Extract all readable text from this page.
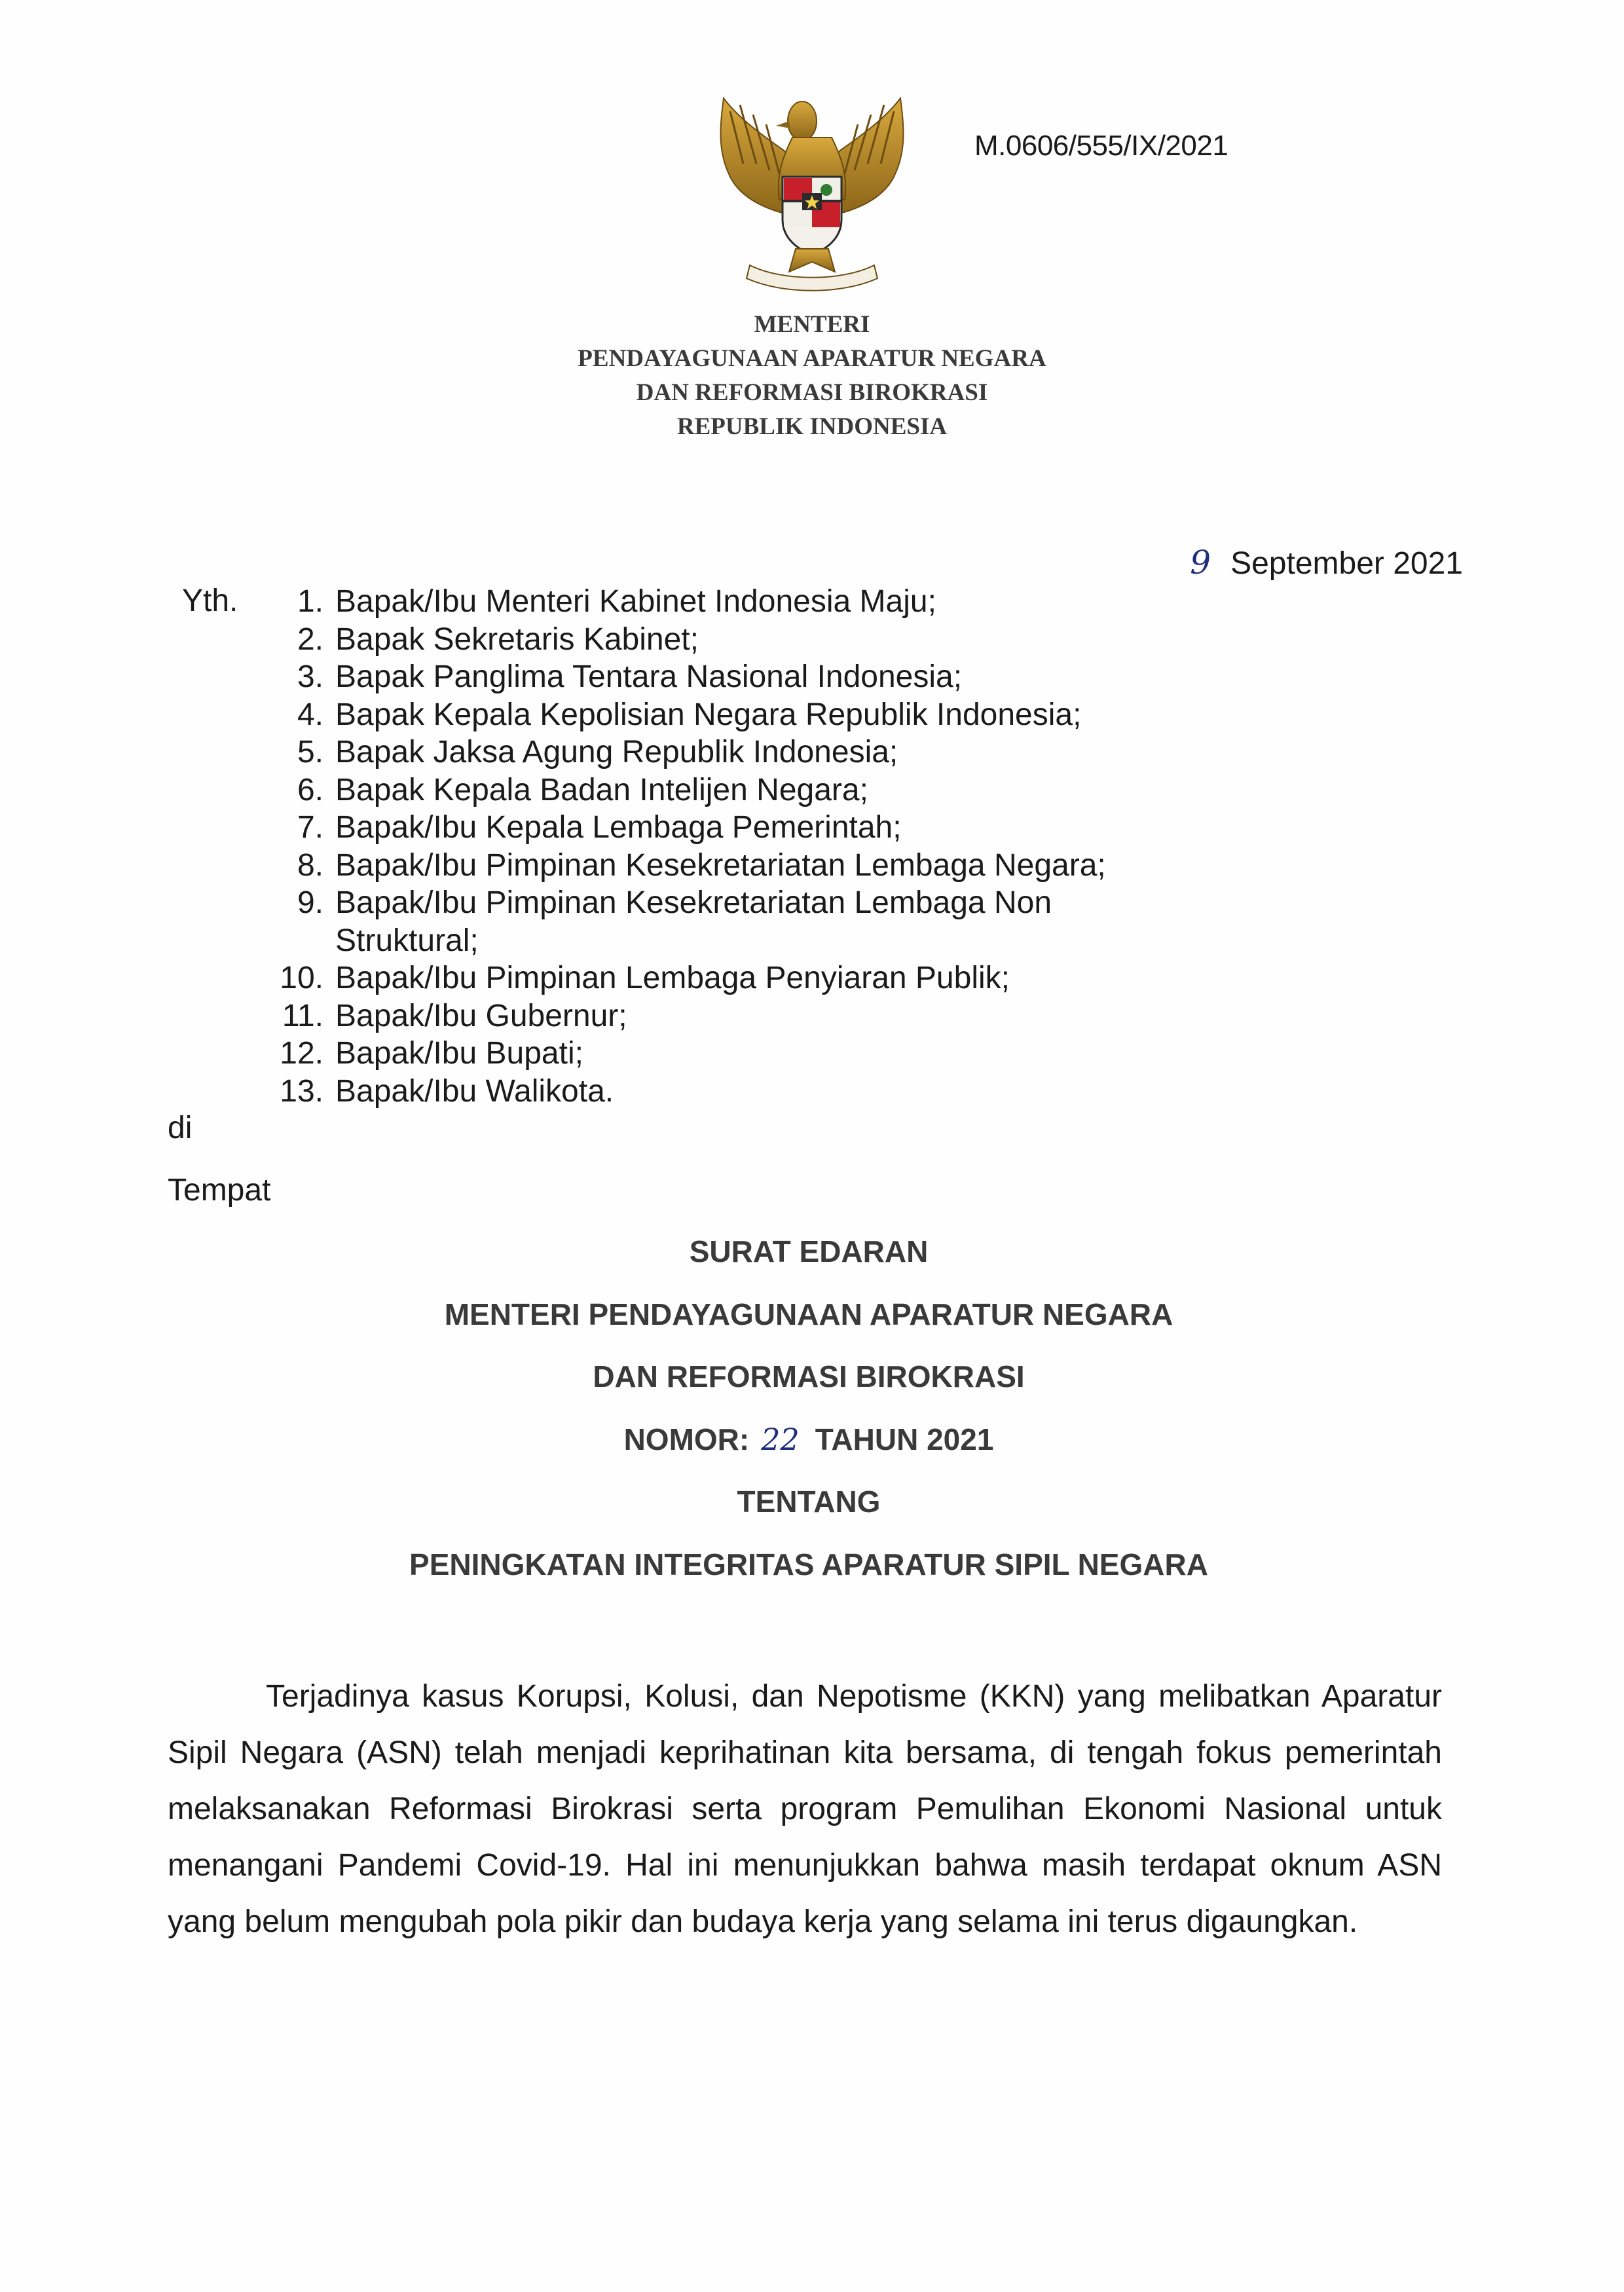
M.0606/555/IX/2021
MENTERI
PENDAYAGUNAAN APARATUR NEGARA
DAN REFORMASI BIROKRASI
REPUBLIK INDONESIA
9 September 2021
Yth.	1. Bapak/Ibu Menteri Kabinet Indonesia Maju;
2. Bapak Sekretaris Kabinet;
3. Bapak Panglima Tentara Nasional Indonesia;
4. Bapak Kepala Kepolisian Negara Republik Indonesia;
5. Bapak Jaksa Agung Republik Indonesia;
6. Bapak Kepala Badan Intelijen Negara;
7. Bapak/Ibu Kepala Lembaga Pemerintah;
8. Bapak/Ibu Pimpinan Kesekretariatan Lembaga Negara;
9. Bapak/Ibu Pimpinan Kesekretariatan Lembaga Non Struktural;
10. Bapak/Ibu Pimpinan Lembaga Penyiaran Publik;
11. Bapak/Ibu Gubernur;
12. Bapak/Ibu Bupati;
13. Bapak/Ibu Walikota.
di
Tempat
SURAT EDARAN
MENTERI PENDAYAGUNAAN APARATUR NEGARA
DAN REFORMASI BIROKRASI
NOMOR: 22 TAHUN 2021
TENTANG
PENINGKATAN INTEGRITAS APARATUR SIPIL NEGARA

Terjadinya kasus Korupsi, Kolusi, dan Nepotisme (KKN) yang melibatkan Aparatur Sipil Negara (ASN) telah menjadi keprihatinan kita bersama, di tengah fokus pemerintah melaksanakan Reformasi Birokrasi serta program Pemulihan Ekonomi Nasional untuk menangani Pandemi Covid-19. Hal ini menunjukkan bahwa masih terdapat oknum ASN yang belum mengubah pola pikir dan budaya kerja yang selama ini terus digaungkan.
